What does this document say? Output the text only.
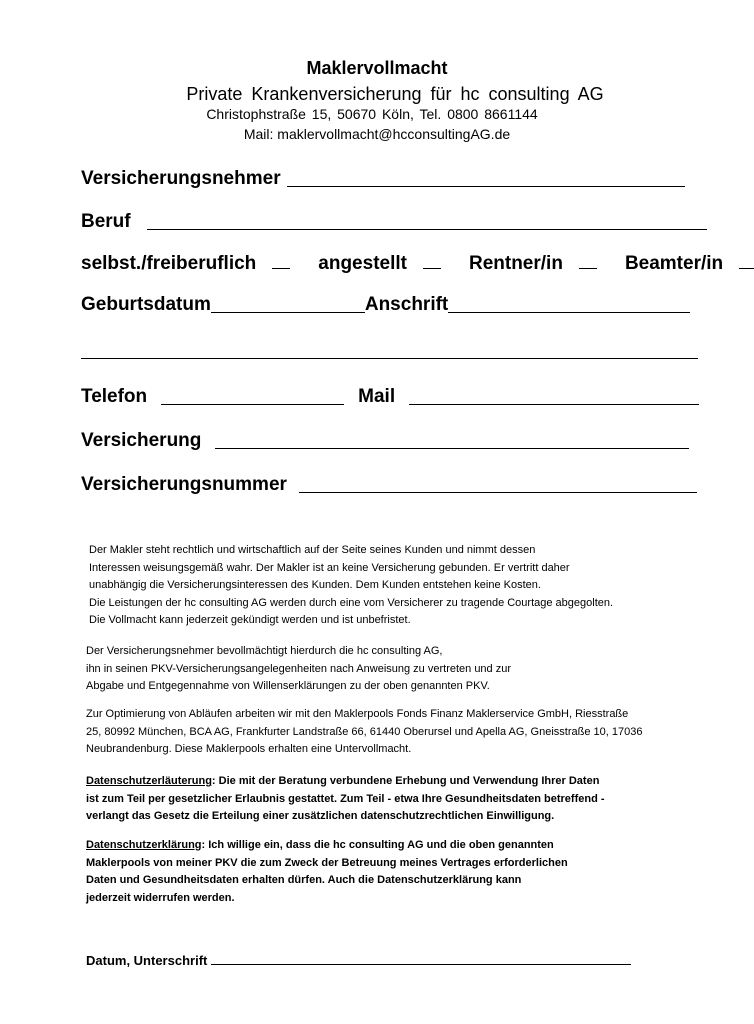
Maklervollmacht
Private Krankenversicherung für hc consulting AG
Christophstraße 15, 50670 Köln, Tel. 0800 8661144
Mail: maklervollmacht@hcconsultingAG.de
Versicherungsnehmer
Beruf
selbst./freiberuflich	angestellt	Rentner/in	Beamter/in
Geburtsdatum	Anschrift
Telefon	Mail
Versicherung
Versicherungsnummer
Der Makler steht rechtlich und wirtschaftlich auf der Seite seines Kunden und nimmt dessen
Interessen weisungsgemäß wahr. Der Makler ist an keine Versicherung gebunden. Er vertritt daher
unabhängig die Versicherungsinteressen des Kunden. Dem Kunden entstehen keine Kosten.
Die Leistungen der hc consulting AG werden durch eine vom Versicherer zu tragende Courtage abgegolten.
Die Vollmacht kann jederzeit gekündigt werden und ist unbefristet.
Der Versicherungsnehmer bevollmächtigt hierdurch die hc consulting AG,
ihn in seinen PKV-Versicherungsangelegenheiten nach Anweisung zu vertreten und zur
Abgabe und Entgegennahme von Willenserklärungen zu der oben genannten PKV.
Zur Optimierung von Abläufen arbeiten wir mit den Maklerpools Fonds Finanz Maklerservice GmbH, Riesstraße
25, 80992 München, BCA AG, Frankfurter Landstraße 66, 61440 Oberursel und Apella AG, Gneisstraße 10, 17036
Neubrandenburg. Diese Maklerpools erhalten eine Untervollmacht.
Datenschutzerläuterung: Die mit der Beratung verbundene Erhebung und Verwendung Ihrer Daten
ist zum Teil per gesetzlicher Erlaubnis gestattet. Zum Teil - etwa Ihre Gesundheitsdaten betreffend -
verlangt das Gesetz die Erteilung einer zusätzlichen datenschutzrechtlichen Einwilligung.
Datenschutzerklärung: Ich willige ein, dass die hc consulting AG und die oben genannten
Maklerpools von meiner PKV die zum Zweck der Betreuung meines Vertrages erforderlichen
Daten und Gesundheitsdaten erhalten dürfen. Auch die Datenschutzerklärung kann
jederzeit widerrufen werden.
Datum, Unterschrift
